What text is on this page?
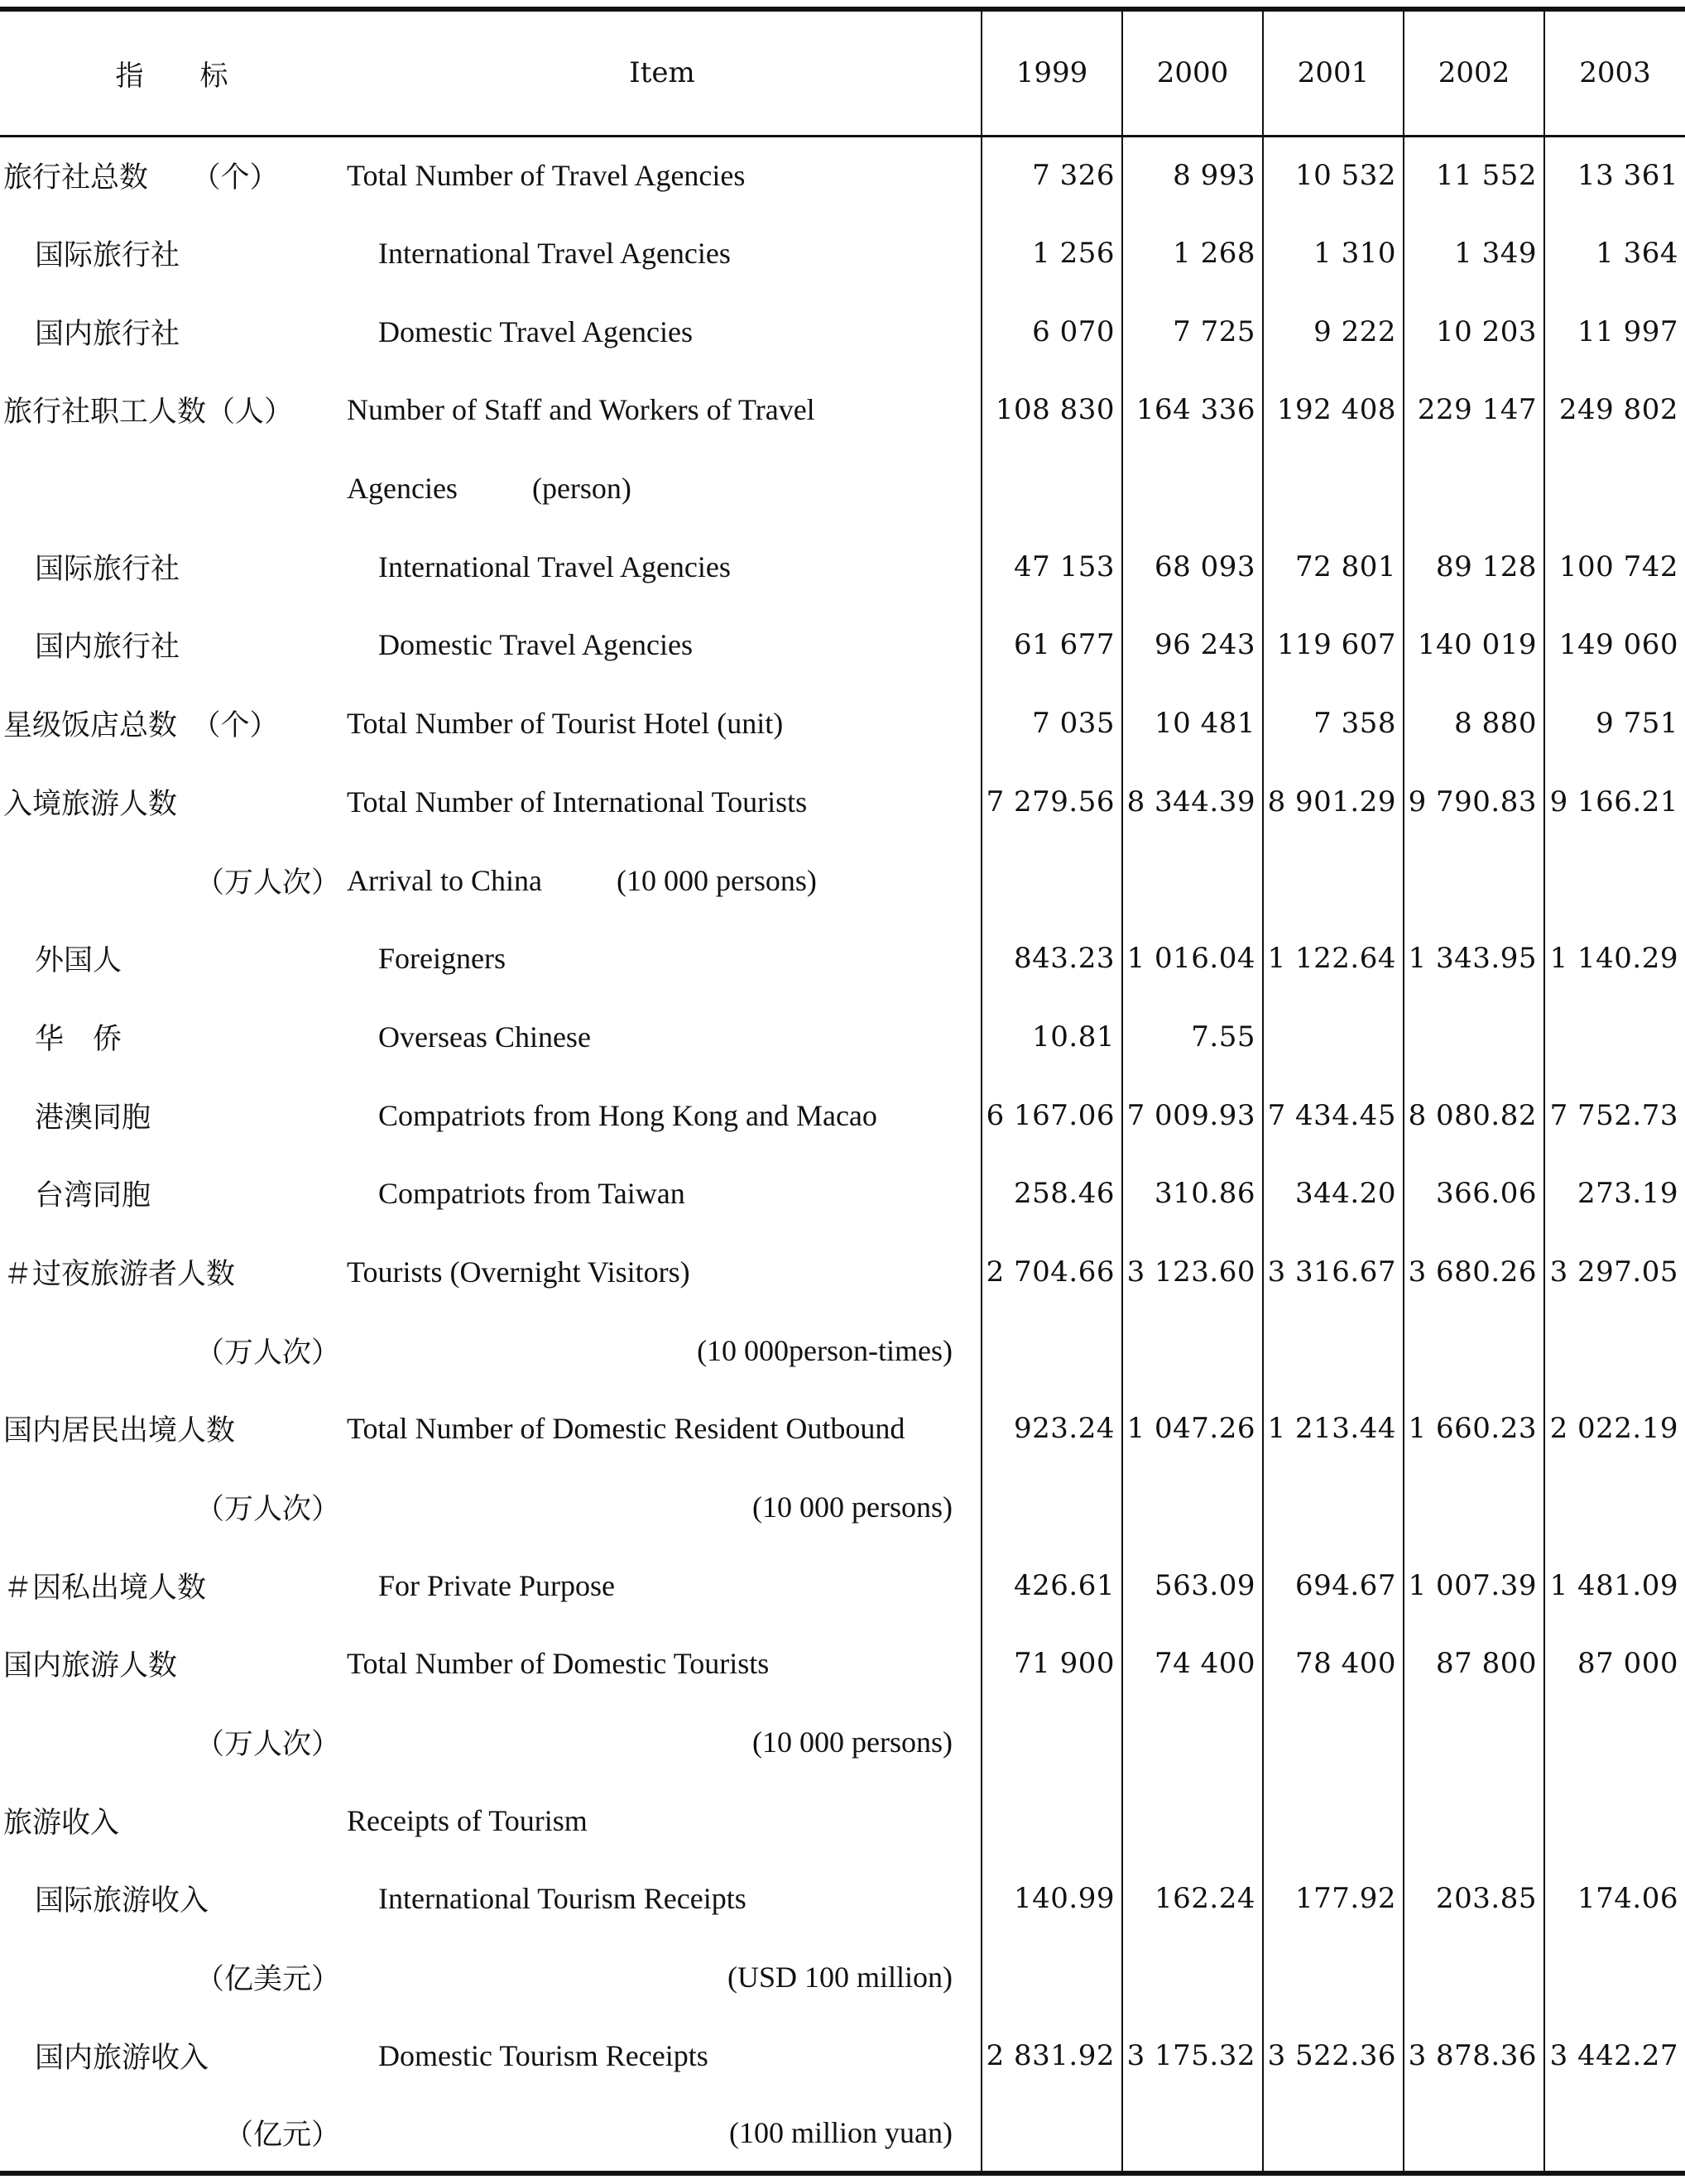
指　　标	Item	1999	2000	2001	2002	2003
旅行社总数　　（个）	Total Number of Travel Agencies	7 326	8 993	10 532	11 552	13 361
国际旅行社	International Travel Agencies	1 256	1 268	1 310	1 349	1 364
国内旅行社	Domestic Travel Agencies	6 070	7 725	9 222	10 203	11 997
旅行社职工人数（人）	Number of Staff and Workers of Travel	108 830	164 336	192 408	229 147	249 802
	Agencies (person)					
国际旅行社	International Travel Agencies	47 153	68 093	72 801	89 128	100 742
国内旅行社	Domestic Travel Agencies	61 677	96 243	119 607	140 019	149 060
星级饭店总数　（个）	Total Number of Tourist Hotel (unit)	7 035	10 481	7 358	8 880	9 751
入境旅游人数	Total Number of International Tourists	7 279.56	8 344.39	8 901.29	9 790.83	9 166.21
（万人次）	Arrival to China (10 000 persons)					
外国人	Foreigners	843.23	1 016.04	1 122.64	1 343.95	1 140.29
华　侨	Overseas Chinese	10.81	7.55			
港澳同胞	Compatriots from Hong Kong and Macao	6 167.06	7 009.93	7 434.45	8 080.82	7 752.73
台湾同胞	Compatriots from Taiwan	258.46	310.86	344.20	366.06	273.19
＃过夜旅游者人数	Tourists (Overnight Visitors)	2 704.66	3 123.60	3 316.67	3 680.26	3 297.05
（万人次）	(10 000person-times)					
国内居民出境人数	Total Number of Domestic Resident Outbound	923.24	1 047.26	1 213.44	1 660.23	2 022.19
（万人次）	(10 000 persons)					
＃因私出境人数	For Private Purpose	426.61	563.09	694.67	1 007.39	1 481.09
国内旅游人数	Total Number of Domestic Tourists	71 900	74 400	78 400	87 800	87 000
（万人次）	(10 000 persons)					
旅游收入	Receipts of Tourism					
国际旅游收入	International Tourism Receipts	140.99	162.24	177.92	203.85	174.06
（亿美元）	(USD 100 million)					
国内旅游收入	Domestic Tourism Receipts	2 831.92	3 175.32	3 522.36	3 878.36	3 442.27
（亿元）	(100 million yuan)					
